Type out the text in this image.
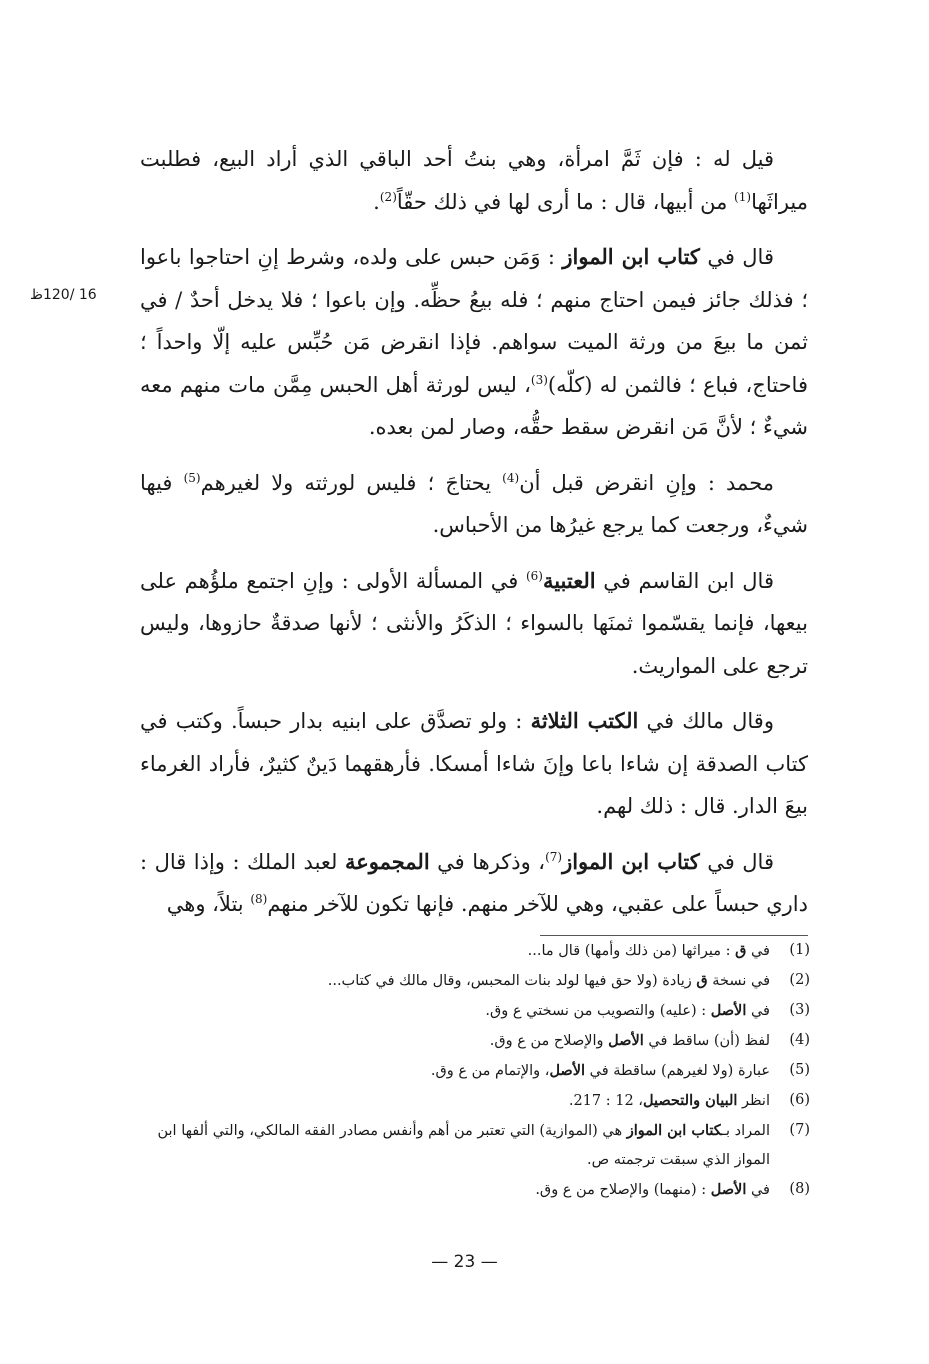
16 /120ظ

قيل له : فإن ثَمَّ امرأة، وهي بنتُ أحد الباقي الذي أراد البيع، فطلبت ميراثَها$^{(1)}$ من أبيها، قال : ما أرى لها في ذلك حقّاً$^{(2)}$.

قال في كتاب ابن المواز : وَمَن حبس على ولده، وشرط إنِ احتاجوا باعوا ؛ فذلك جائز فيمن احتاج منهم ؛ فله بيعُ حظِّه. وإن باعوا ؛ فلا يدخل أحدٌ / في ثمن ما بيعَ من ورثة الميت سواهم. فإذا انقرض مَن حُبِّس عليه إلّا واحداً ؛ فاحتاج، فباع ؛ فالثمن له (كلّه)$^{(3)}$، ليس لورثة أهل الحبس مِمَّن مات منهم معه شيءٌ ؛ لأنَّ مَن انقرض سقط حقُّه، وصار لمن بعده.

محمد : وإنِ انقرض قبل أن$^{(4)}$ يحتاجَ ؛ فليس لورثته ولا لغيرهم$^{(5)}$ فيها شيءٌ، ورجعت كما يرجع غيرُها من الأحباس.

قال ابن القاسم في العتبية$^{(6)}$ في المسألة الأولى : وإنِ اجتمع ملؤُهم على بيعها، فإنما يقسّموا ثمنَها بالسواء ؛ الذكَرُ والأنثى ؛ لأنها صدقةٌ حازوها، وليس ترجع على المواريث.

وقال مالك في الكتب الثلاثة : ولو تصدَّق على ابنيه بدار حبساً. وكتب في كتاب الصدقة إن شاءا باعا وإنَ شاءا أمسكا. فأرهقهما دَينٌ كثيرٌ، فأراد الغرماء بيعَ الدار. قال : ذلك لهم.

قال في كتاب ابن المواز$^{(7)}$، وذكرها في المجموعة لعبد الملك : وإذا قال : داري حبساً على عقبي، وهي للآخر منهم. فإنها تكون للآخر منهم$^{(8)}$ بتلاً، وهي

(1)
في ق : ميراثها (من ذلك وأمها) قال ما...
(2)
في نسخة ق زيادة (ولا حق فيها لولد بنات المحبس، وقال مالك في كتاب...
(3)
في الأصل : (عليه) والتصويب من نسختي ع وق.
(4)
لفظ (أن) ساقط في الأصل والإصلاح من ع وق.
(5)
عبارة (ولا لغيرهم) ساقطة في الأصل، والإتمام من ع وق.
(6)
انظر البيان والتحصيل، 12 : 217.
(7)
المراد بـكتاب ابن المواز هي (الموازية) التي تعتبر من أهم وأنفس مصادر الفقه المالكي، والتي ألفها ابن المواز الذي سبقت ترجمته ص.
(8)
في الأصل : (منهما) والإصلاح من ع وق.
— 23 —
